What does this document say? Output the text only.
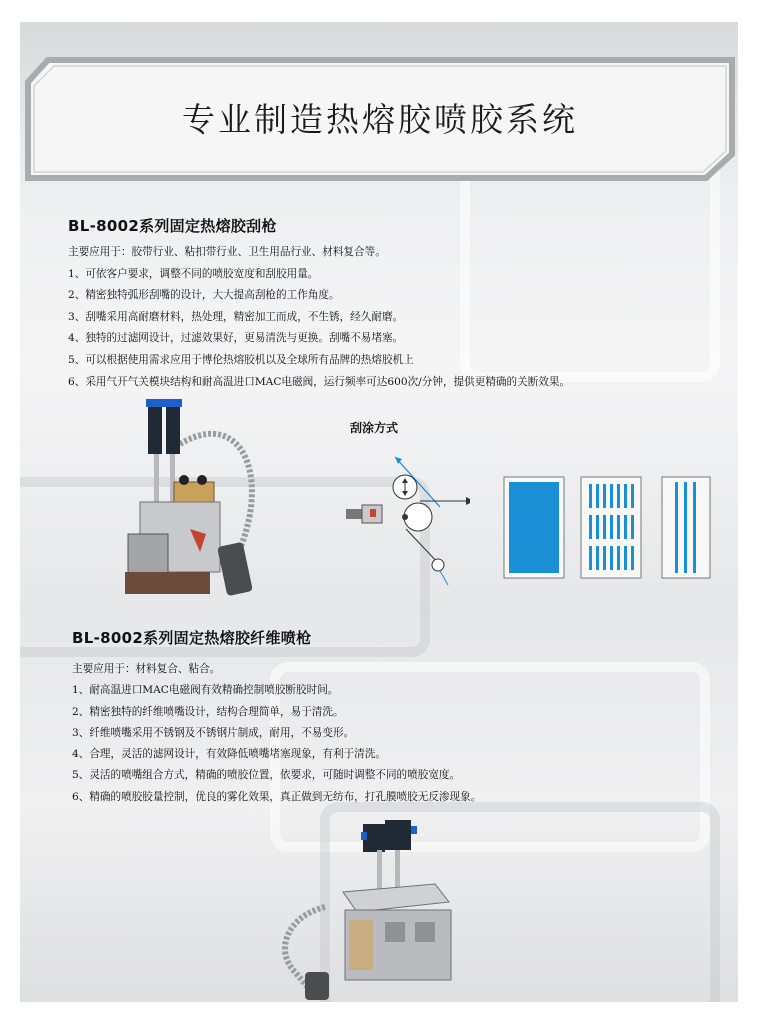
专业制造热熔胶喷胶系统
BL-8002系列固定热熔胶刮枪
主要应用于：胶带行业、粘扣带行业、卫生用品行业、材料复合等。
1、可依客户要求，调整不同的喷胶宽度和刮胶用量。
2、精密独特弧形刮嘴的设计，大大提高刮枪的工作角度。
3、刮嘴采用高耐磨材料，热处理，精密加工而成，不生锈，经久耐磨。
4、独特的过滤网设计，过滤效果好，更易清洗与更换。刮嘴不易堵塞。
5、可以根据使用需求应用于博伦热熔胶机以及全球所有品牌的热熔胶机上
6、采用气开气关模块结构和耐高温进口MAC电磁阀，运行频率可达600次/分钟，提供更精确的关断效果。
刮涂方式
BL-8002系列固定热熔胶纤维喷枪
主要应用于：材料复合、粘合。
1、耐高温进口MAC电磁阀有效精确控制喷胶断胶时间。
2、精密独特的纤维喷嘴设计，结构合理简单，易于清洗。
3、纤维喷嘴采用不锈钢及不锈钢片制成，耐用，不易变形。
4、合理，灵活的滤网设计，有效降低喷嘴堵塞现象，有利于清洗。
5、灵活的喷嘴组合方式，精确的喷胶位置，依要求，可随时调整不同的喷胶宽度。
6、精确的喷胶胶量控制，优良的雾化效果，真正做到无纺布，打孔膜喷胶无反渗现象。
